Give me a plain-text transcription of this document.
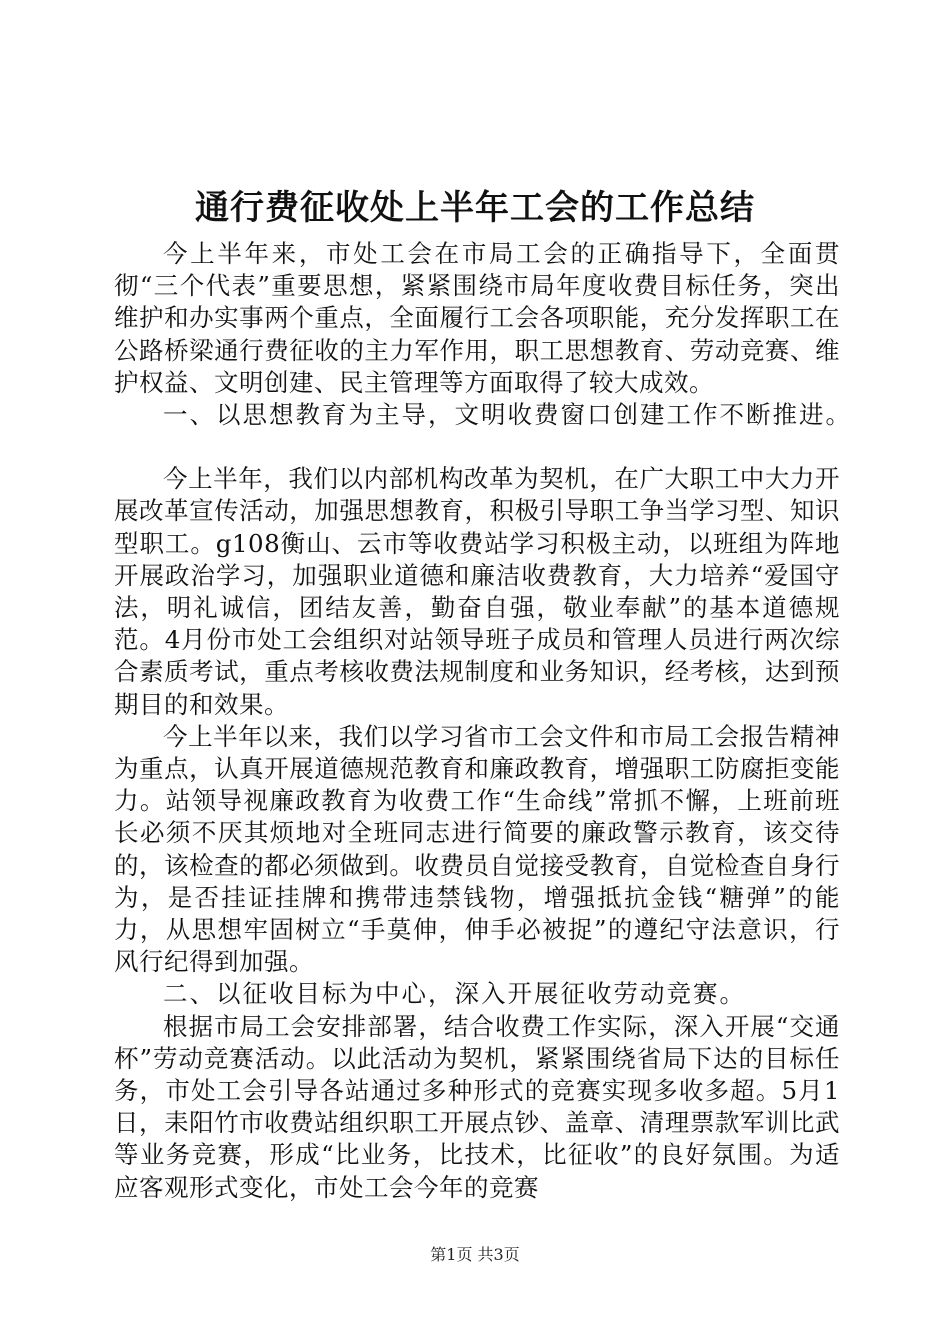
通行费征收处上半年工会的工作总结

今上半年来，市处工会在市局工会的正确指导下，全面贯彻“三个代表”重要思想，紧紧围绕市局年度收费目标任务，突出维护和办实事两个重点，全面履行工会各项职能，充分发挥职工在公路桥梁通行费征收的主力军作用，职工思想教育、劳动竞赛、维护权益、文明创建、民主管理等方面取得了较大成效。

一、以思想教育为主导，文明收费窗口创建工作不断推进。

今上半年，我们以内部机构改革为契机，在广大职工中大力开展改革宣传活动，加强思想教育，积极引导职工争当学习型、知识型职工。g108衡山、云市等收费站学习积极主动，以班组为阵地开展政治学习，加强职业道德和廉洁收费教育，大力培养“爱国守法，明礼诚信，团结友善，勤奋自强，敬业奉献”的基本道德规范。4月份市处工会组织对站领导班子成员和管理人员进行两次综合素质考试，重点考核收费法规制度和业务知识，经考核，达到预期目的和效果。

今上半年以来，我们以学习省市工会文件和市局工会报告精神为重点，认真开展道德规范教育和廉政教育，增强职工防腐拒变能力。站领导视廉政教育为收费工作“生命线”常抓不懈，上班前班长必须不厌其烦地对全班同志进行简要的廉政警示教育，该交待的，该检查的都必须做到。收费员自觉接受教育，自觉检查自身行为，是否挂证挂牌和携带违禁钱物，增强抵抗金钱“糖弹”的能力，从思想牢固树立“手莫伸，伸手必被捉”的遵纪守法意识，行风行纪得到加强。

二、以征收目标为中心，深入开展征收劳动竞赛。

根据市局工会安排部署，结合收费工作实际，深入开展“交通杯”劳动竞赛活动。以此活动为契机，紧紧围绕省局下达的目标任务，市处工会引导各站通过多种形式的竞赛实现多收多超。5月1日，耒阳竹市收费站组织职工开展点钞、盖章、清理票款军训比武等业务竞赛，形成“比业务，比技术，比征收”的良好氛围。为适应客观形式变化，市处工会今年的竞赛

第1页 共3页
